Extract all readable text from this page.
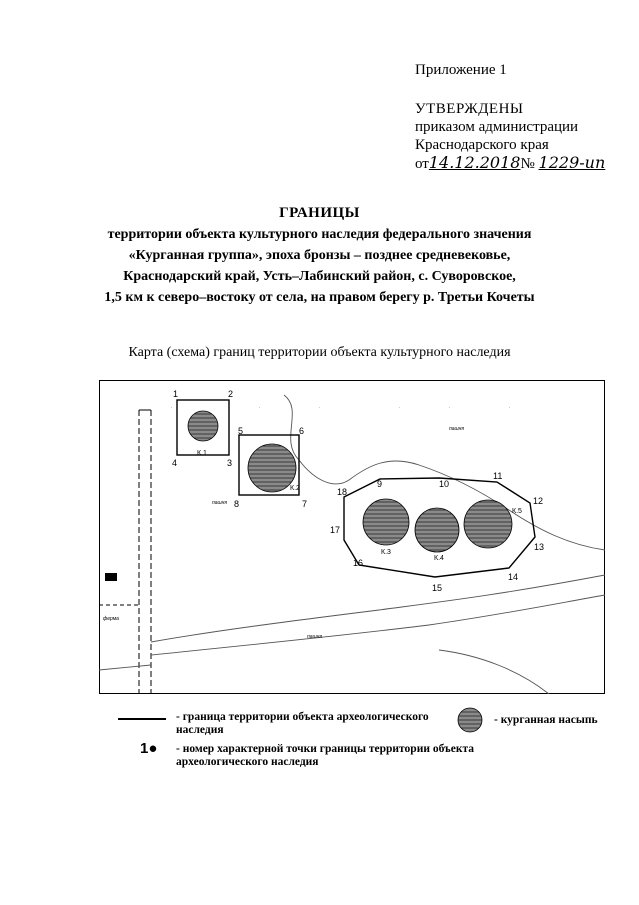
Приложение 1
УТВЕРЖДЕНЫ
приказом администрации
Краснодарского края
от14.12.2018№ 1229-ип
ГРАНИЦЫ
территории объекта культурного наследия федерального значения
«Курганная группа», эпоха бронзы – позднее средневековье,
Краснодарский край, Усть–Лабинский район, с. Суворовское,
1,5 км к северо–востоку от села, на правом берегу р. Третьи Кочеты
Карта (схема) границ территории объекта культурного наследия
-	-	-	-	-	-
К.1
К.2
К.3
К.4
К.5
1	2
3
4
5	6
7
8
9	10
11
12
13
14
15
16
17
18
пашня
пашня
пашня
ферма
- граница территории объекта археологического
наследия
- курганная насыпь
1● - номер характерной точки границы территории объекта
археологического наследия
